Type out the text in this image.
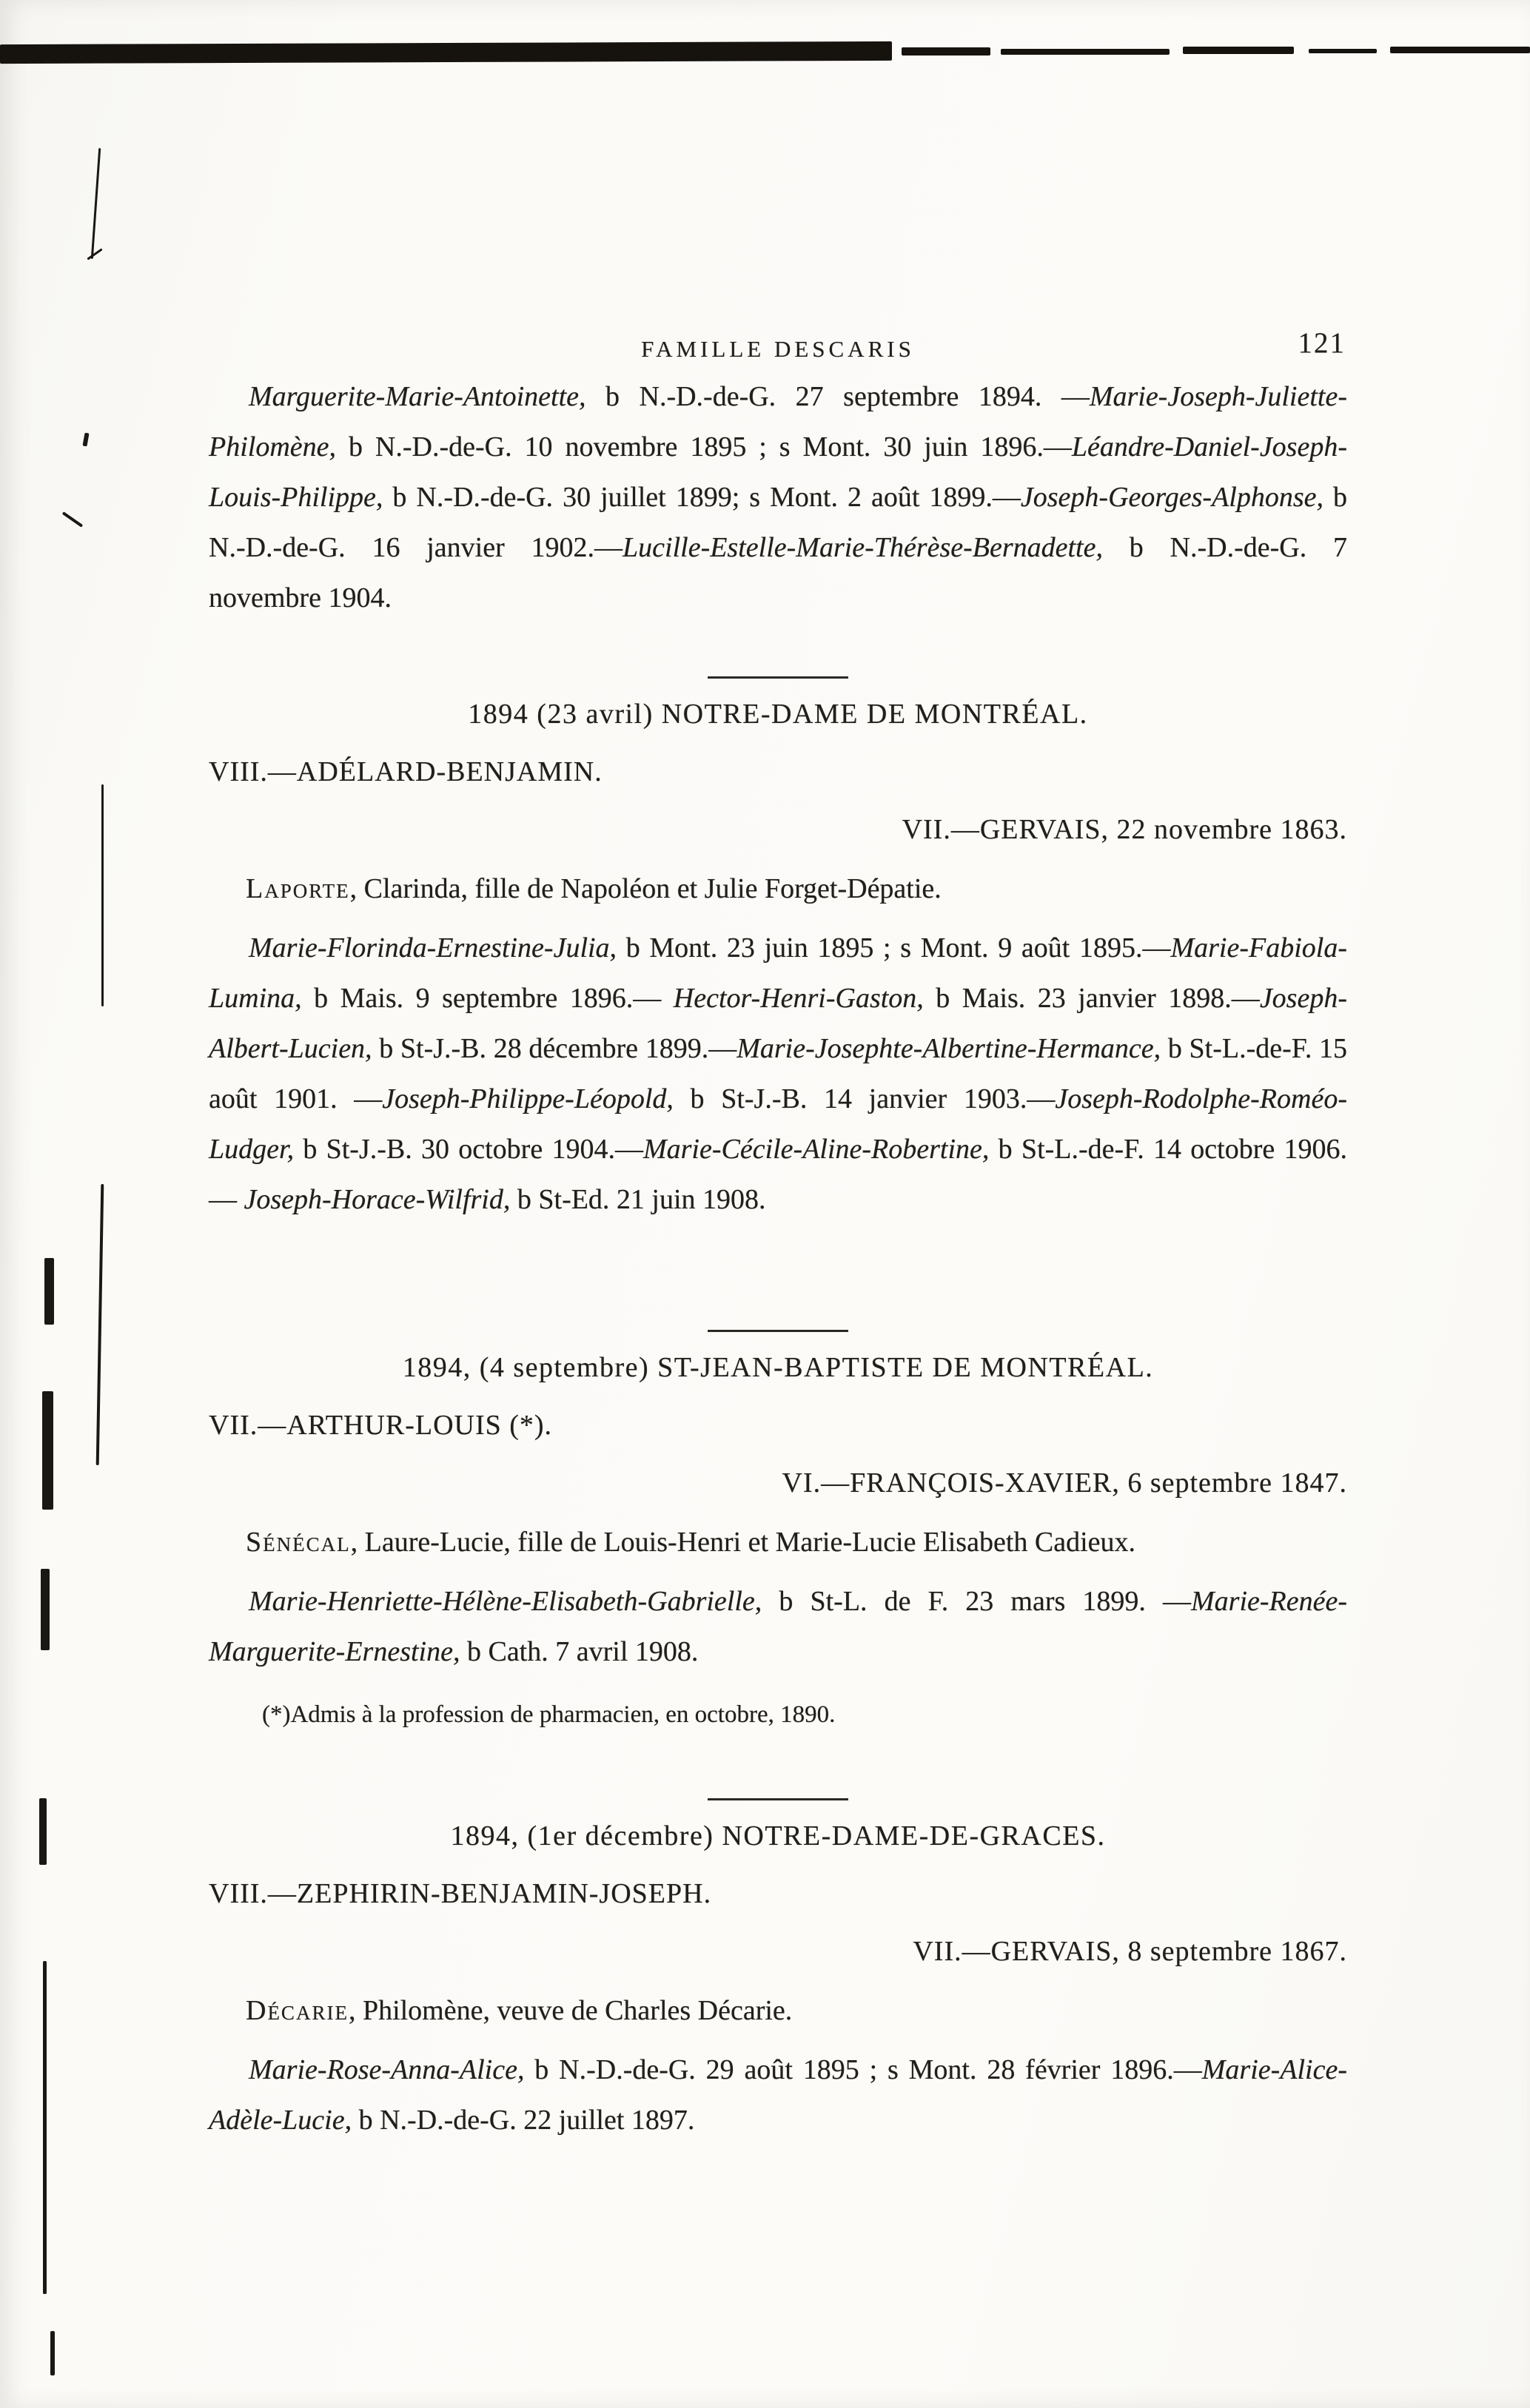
FAMILLE DESCARIS	121

Marguerite-Marie-Antoinette, b N.-D.-de-G. 27 septembre 1894. —Marie-Joseph-Juliette-Philomène, b N.-D.-de-G. 10 novembre 1895 ; s Mont. 30 juin 1896.—Léandre-Daniel-Joseph-Louis-Philippe, b N.-D.-de-G. 30 juillet 1899; s Mont. 2 août 1899.—Joseph-Georges-Alphonse, b N.-D.-de-G. 16 janvier 1902.—Lucille-Estelle-Marie-Thérèse-Bernadette, b N.-D.-de-G. 7 novembre 1904.

1894 (23 avril) NOTRE-DAME DE MONTRÉAL.

VIII.—ADÉLARD-BENJAMIN.

VII.—GERVAIS, 22 novembre 1863.

Laporte, Clarinda, fille de Napoléon et Julie Forget-Dépatie.

Marie-Florinda-Ernestine-Julia, b Mont. 23 juin 1895 ; s Mont. 9 août 1895.—Marie-Fabiola-Lumina, b Mais. 9 septembre 1896.— Hector-Henri-Gaston, b Mais. 23 janvier 1898.—Joseph-Albert-Lucien, b St-J.-B. 28 décembre 1899.—Marie-Josephte-Albertine-Hermance, b St-L.-de-F. 15 août 1901. —Joseph-Philippe-Léopold, b St-J.-B. 14 janvier 1903.—Joseph-Rodolphe-Roméo-Ludger, b St-J.-B. 30 octobre 1904.—Marie-Cécile-Aline-Robertine, b St-L.-de-F. 14 octobre 1906.— Joseph-Horace-Wilfrid, b St-Ed. 21 juin 1908.

1894, (4 septembre) ST-JEAN-BAPTISTE DE MONTRÉAL.

VII.—ARTHUR-LOUIS (*).

VI.—FRANÇOIS-XAVIER, 6 septembre 1847.

Sénécal, Laure-Lucie, fille de Louis-Henri et Marie-Lucie Elisabeth Cadieux.

Marie-Henriette-Hélène-Elisabeth-Gabrielle, b St-L. de F. 23 mars 1899. —Marie-Renée-Marguerite-Ernestine, b Cath. 7 avril 1908.

(*)Admis à la profession de pharmacien, en octobre, 1890.

1894, (1er décembre) NOTRE-DAME-DE-GRACES.

VIII.—ZEPHIRIN-BENJAMIN-JOSEPH.

VII.—GERVAIS, 8 septembre 1867.

Décarie, Philomène, veuve de Charles Décarie.

Marie-Rose-Anna-Alice, b N.-D.-de-G. 29 août 1895 ; s Mont. 28 février 1896.—Marie-Alice-Adèle-Lucie, b N.-D.-de-G. 22 juillet 1897.
